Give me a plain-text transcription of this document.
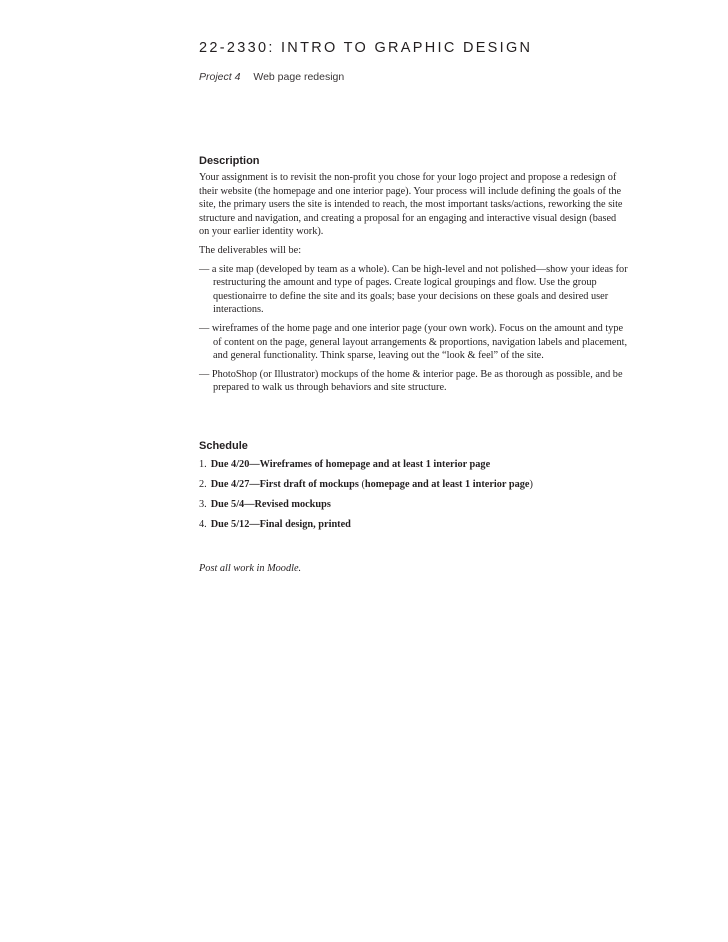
22-2330: INTRO TO GRAPHIC DESIGN
Project 4 Web page redesign
Description

Your assignment is to revisit the non-profit you chose for your logo project and propose a redesign of their website (the homepage and one interior page). Your process will include defining the goals of the site, the primary users the site is intended to reach, the most important tasks/actions, reworking the site structure and navigation, and creating a proposal for an engaging and interactive visual design (based on your earlier identity work).

The deliverables will be:

— a site map (developed by team as a whole). Can be high-level and not polished—show your ideas for restructuring the amount and type of pages. Create logical groupings and flow. Use the group questionairre to define the site and its goals; base your decisions on these goals and desired user interactions.

— wireframes of the home page and one interior page (your own work). Focus on the amount and type of content on the page, general layout arrangements & proportions, navigation labels and placement, and general functionality. Think sparse, leaving out the “look & feel” of the site.

— PhotoShop (or Illustrator) mockups of the home & interior page. Be as thorough as possible, and be prepared to walk us through behaviors and site structure.

Schedule
1. Due 4/20—Wireframes of homepage and at least 1 interior page
2. Due 4/27—First draft of mockups (homepage and at least 1 interior page)
3. Due 5/4—Revised mockups
4. Due 5/12—Final design, printed

Post all work in Moodle.
